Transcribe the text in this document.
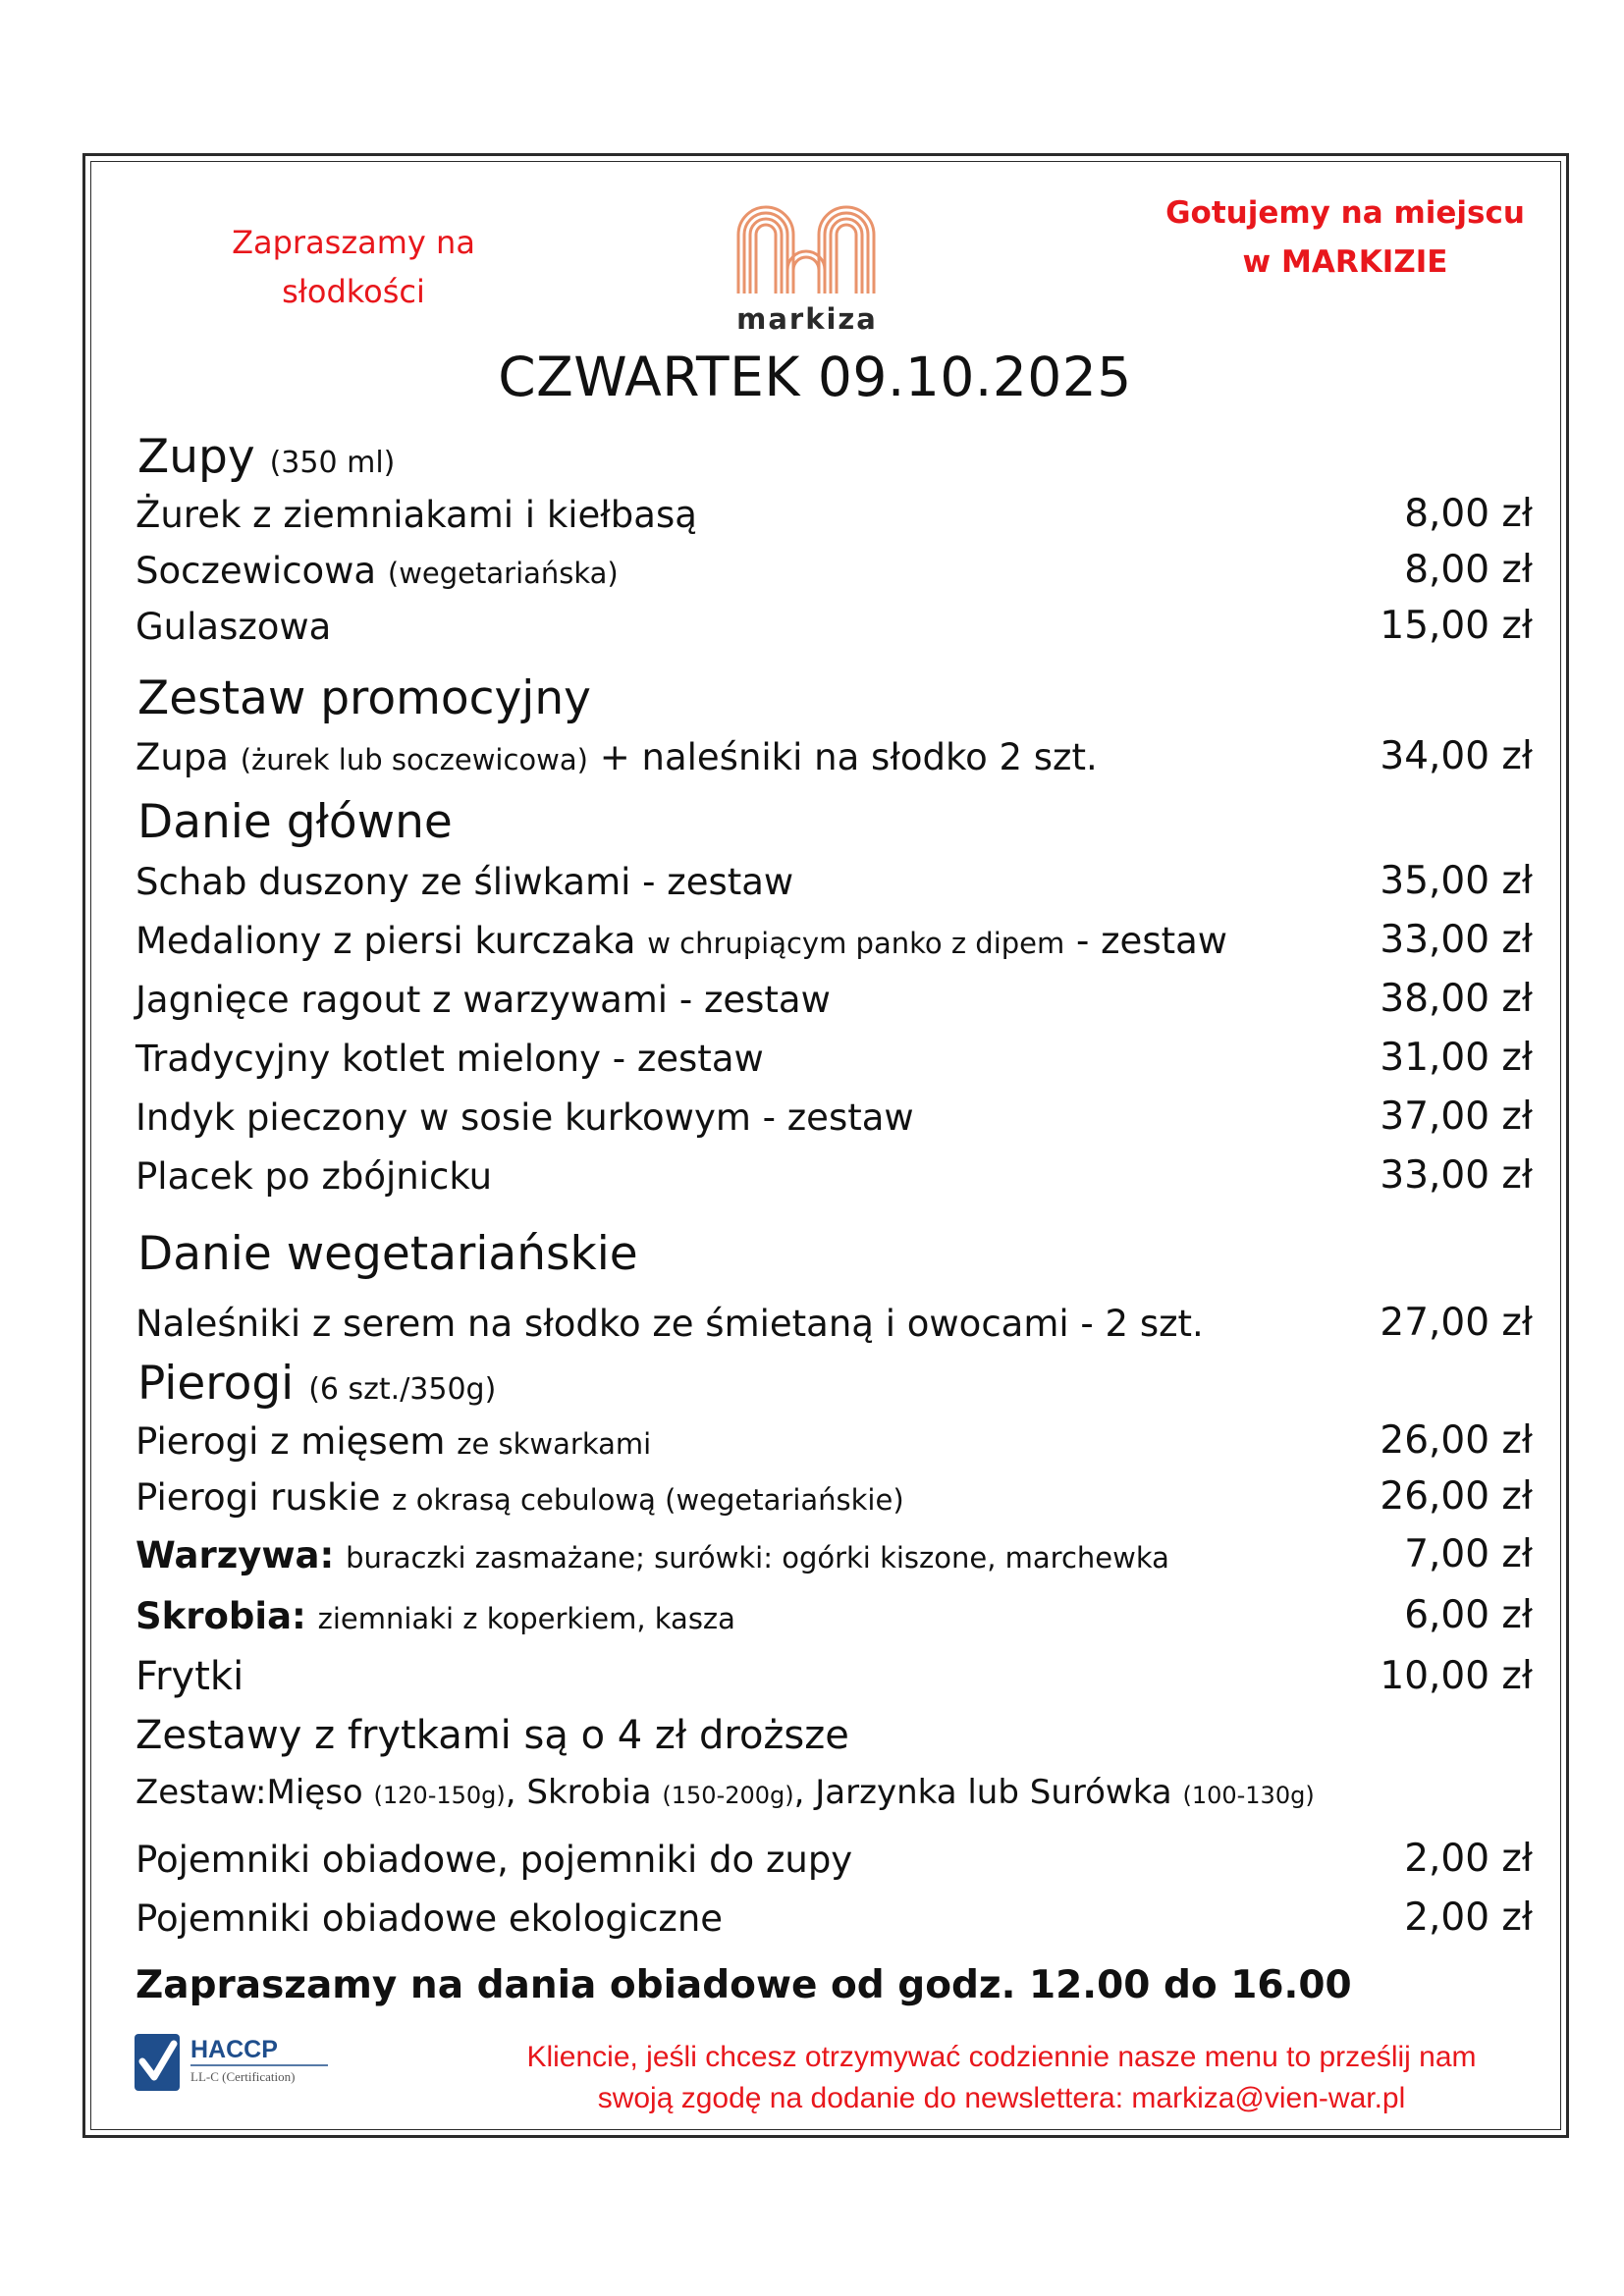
Zapraszamy na
słodkości
markiza
Gotujemy na miejscu
w MARKIZIE
CZWARTEK 09.10.2025
Zupy (350 ml)
Żurek z ziemniakami i kiełbasą	8,00 zł
Soczewicowa (wegetariańska)	8,00 zł
Gulaszowa	15,00 zł
Zestaw promocyjny
Zupa (żurek lub soczewicowa) + naleśniki na słodko 2 szt.	34,00 zł
Danie główne
Schab duszony ze śliwkami - zestaw	35,00 zł
Medaliony z piersi kurczaka w chrupiącym panko z dipem - zestaw	33,00 zł
Jagnięce ragout z warzywami - zestaw	38,00 zł
Tradycyjny kotlet mielony - zestaw	31,00 zł
Indyk pieczony w sosie kurkowym - zestaw	37,00 zł
Placek po zbójnicku	33,00 zł
Danie wegetariańskie
Naleśniki z serem na słodko ze śmietaną i owocami - 2 szt.	27,00 zł
Pierogi (6 szt./350g)
Pierogi z mięsem ze skwarkami	26,00 zł
Pierogi ruskie z okrasą cebulową (wegetariańskie)	26,00 zł
Warzywa: buraczki zasmażane; surówki: ogórki kiszone, marchewka	7,00 zł
Skrobia: ziemniaki z koperkiem, kasza	6,00 zł
Frytki	10,00 zł
Zestawy z frytkami są o 4 zł droższe
Zestaw:Mięso (120-150g), Skrobia (150-200g), Jarzynka lub Surówka (100-130g)
Pojemniki obiadowe, pojemniki do zupy	2,00 zł
Pojemniki obiadowe ekologiczne	2,00 zł
Zapraszamy na dania obiadowe od godz. 12.00 do 16.00
HACCP
LL-C (Certification)
Kliencie, jeśli chcesz otrzymywać codziennie nasze menu to prześlij nam
swoją zgodę na dodanie do newslettera: markiza@vien-war.pl
